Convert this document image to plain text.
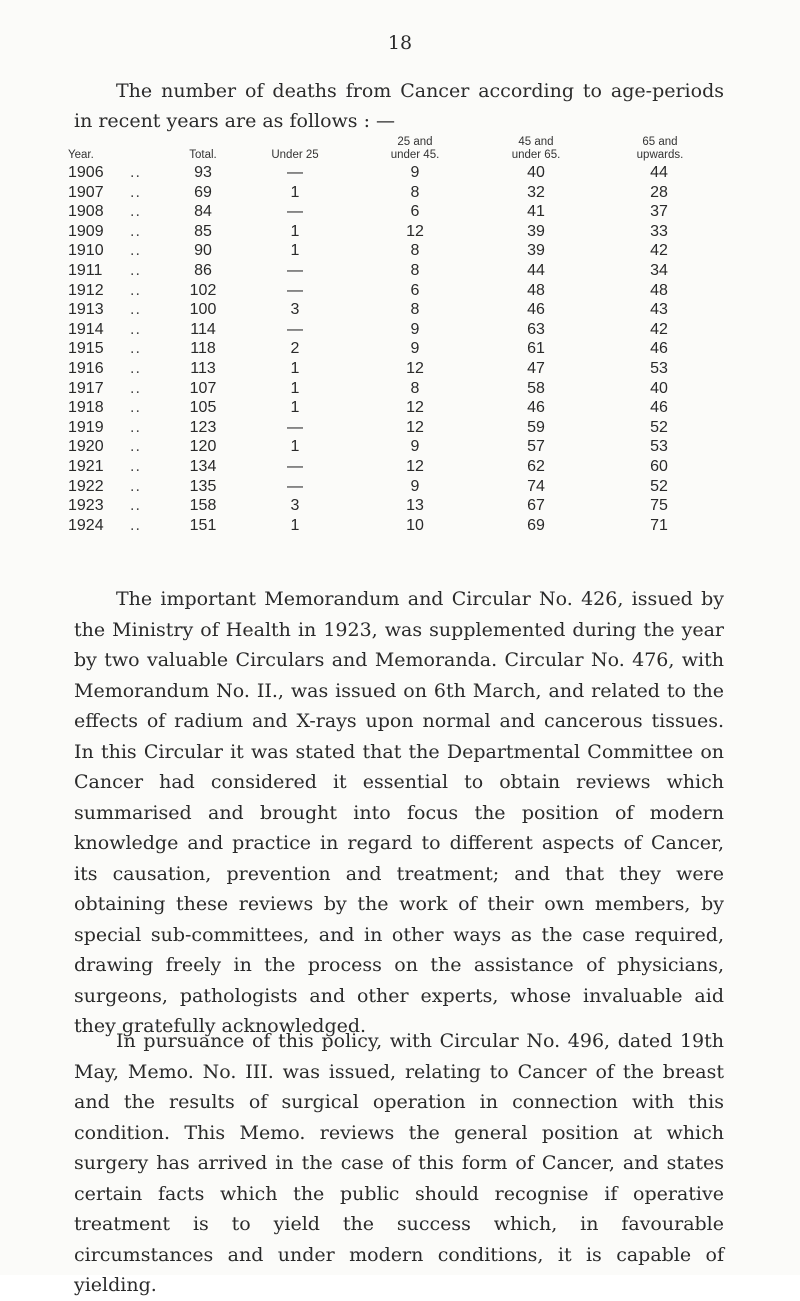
18

The number of deaths from Cancer according to age-periods in recent years are as follows : —

Year.		Total.	Under 25	25 and under 45.	45 and under 65.	65 and upwards.
1906	..	93	—	9	40	44
1907	..	69	1	8	32	28
1908	..	84	—	6	41	37
1909	..	85	1	12	39	33
1910	..	90	1	8	39	42
1911	..	86	—	8	44	34
1912	..	102	—	6	48	48
1913	..	100	3	8	46	43
1914	..	114	—	9	63	42
1915	..	118	2	9	61	46
1916	..	113	1	12	47	53
1917	..	107	1	8	58	40
1918	..	105	1	12	46	46
1919	..	123	—	12	59	52
1920	..	120	1	9	57	53
1921	..	134	—	12	62	60
1922	..	135	—	9	74	52
1923	..	158	3	13	67	75
1924	..	151	1	10	69	71

The important Memorandum and Circular No. 426, issued by the Ministry of Health in 1923, was supplemented during the year by two valuable Circulars and Memoranda. Circular No. 476, with Memorandum No. II., was issued on 6th March, and related to the effects of radium and X-rays upon normal and cancerous tissues. In this Circular it was stated that the Departmental Committee on Cancer had considered it essential to obtain reviews which summarised and brought into focus the position of modern knowledge and practice in regard to different aspects of Cancer, its causation, prevention and treatment; and that they were obtaining these reviews by the work of their own members, by special sub-committees, and in other ways as the case required, drawing freely in the process on the assistance of physicians, surgeons, pathologists and other experts, whose invaluable aid they gratefully acknowledged.

In pursuance of this policy, with Circular No. 496, dated 19th May, Memo. No. III. was issued, relating to Cancer of the breast and the results of surgical operation in connection with this condition. This Memo. reviews the general position at which surgery has arrived in the case of this form of Cancer, and states certain facts which the public should recognise if operative treatment is to yield the success which, in favourable circumstances and under modern conditions, it is capable of yielding.
